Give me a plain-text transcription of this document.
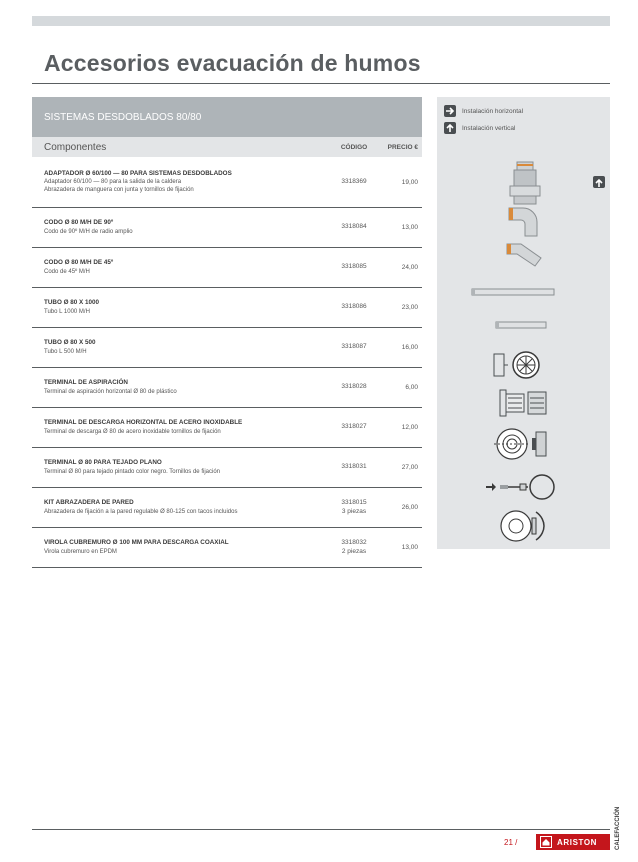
Accesorios evacuación de humos
SISTEMAS DESDOBLADOS 80/80
Componentes	CÓDIGO	PRECIO €
ADAPTADOR Ø 60/100 — 80 PARA SISTEMAS DESDOBLADOS
Adaptador 60/100 — 80 para la salida de la caldera
Abrazadera de manguera con junta y tornillos de fijación
3318369	19,00
CODO Ø 80 M/H DE 90º
Codo de 90º M/H de radio amplio
3318084	13,00
CODO Ø 80 M/H DE 45º
Codo de 45º M/H
3318085	24,00
TUBO Ø 80 X 1000
Tubo L 1000 M/H
3318086	23,00
TUBO Ø 80 X 500
Tubo L 500 M/H
3318087	16,00
TERMINAL DE ASPIRACIÓN
Terminal de aspiración horizontal Ø 80 de plástico
3318028	6,00
TERMINAL DE DESCARGA HORIZONTAL DE ACERO INOXIDABLE
Terminal de descarga Ø 80 de acero inoxidable tornillos de fijación
3318027	12,00
TERMINAL Ø 80 PARA TEJADO PLANO
Terminal Ø 80 para tejado pintado color negro. Tornillos de fijación
3318031	27,00
KIT ABRAZADERA DE PARED
Abrazadera de fijación a la pared regulable Ø 80-125 con tacos incluidos
3318015
3 piezas	26,00
VIROLA CUBREMURO Ø 100 MM PARA DESCARGA COAXIAL
Virola cubremuro en EPDM
3318032
2 piezas	13,00
Instalación horizontal
Instalación vertical
21 /	ARISTON	CALEFACCIÓN
